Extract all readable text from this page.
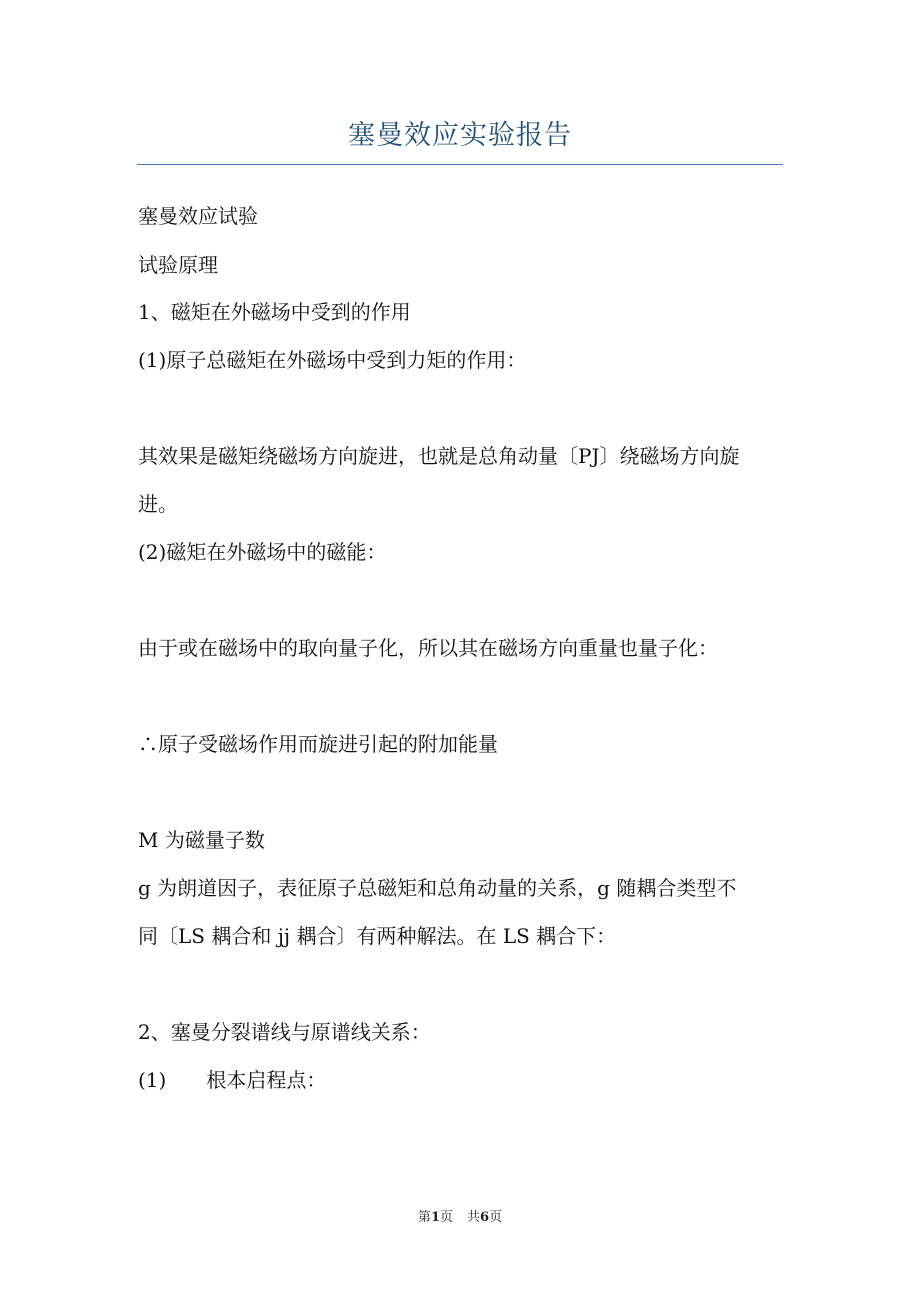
塞曼效应实验报告
塞曼效应试验
试验原理
1、磁矩在外磁场中受到的作用
(1)原子总磁矩在外磁场中受到力矩的作用：
其效果是磁矩绕磁场方向旋进，也就是总角动量〔PJ〕绕磁场方向旋
进。
(2)磁矩在外磁场中的磁能：
由于或在磁场中的取向量子化，所以其在磁场方向重量也量子化：
∴原子受磁场作用而旋进引起的附加能量
M 为磁量子数
g 为朗道因子，表征原子总磁矩和总角动量的关系，g 随耦合类型不
同〔LS 耦合和 jj 耦合〕有两种解法。在 LS 耦合下：
2、塞曼分裂谱线与原谱线关系：
(1) 根本启程点：
第1页 共6页
